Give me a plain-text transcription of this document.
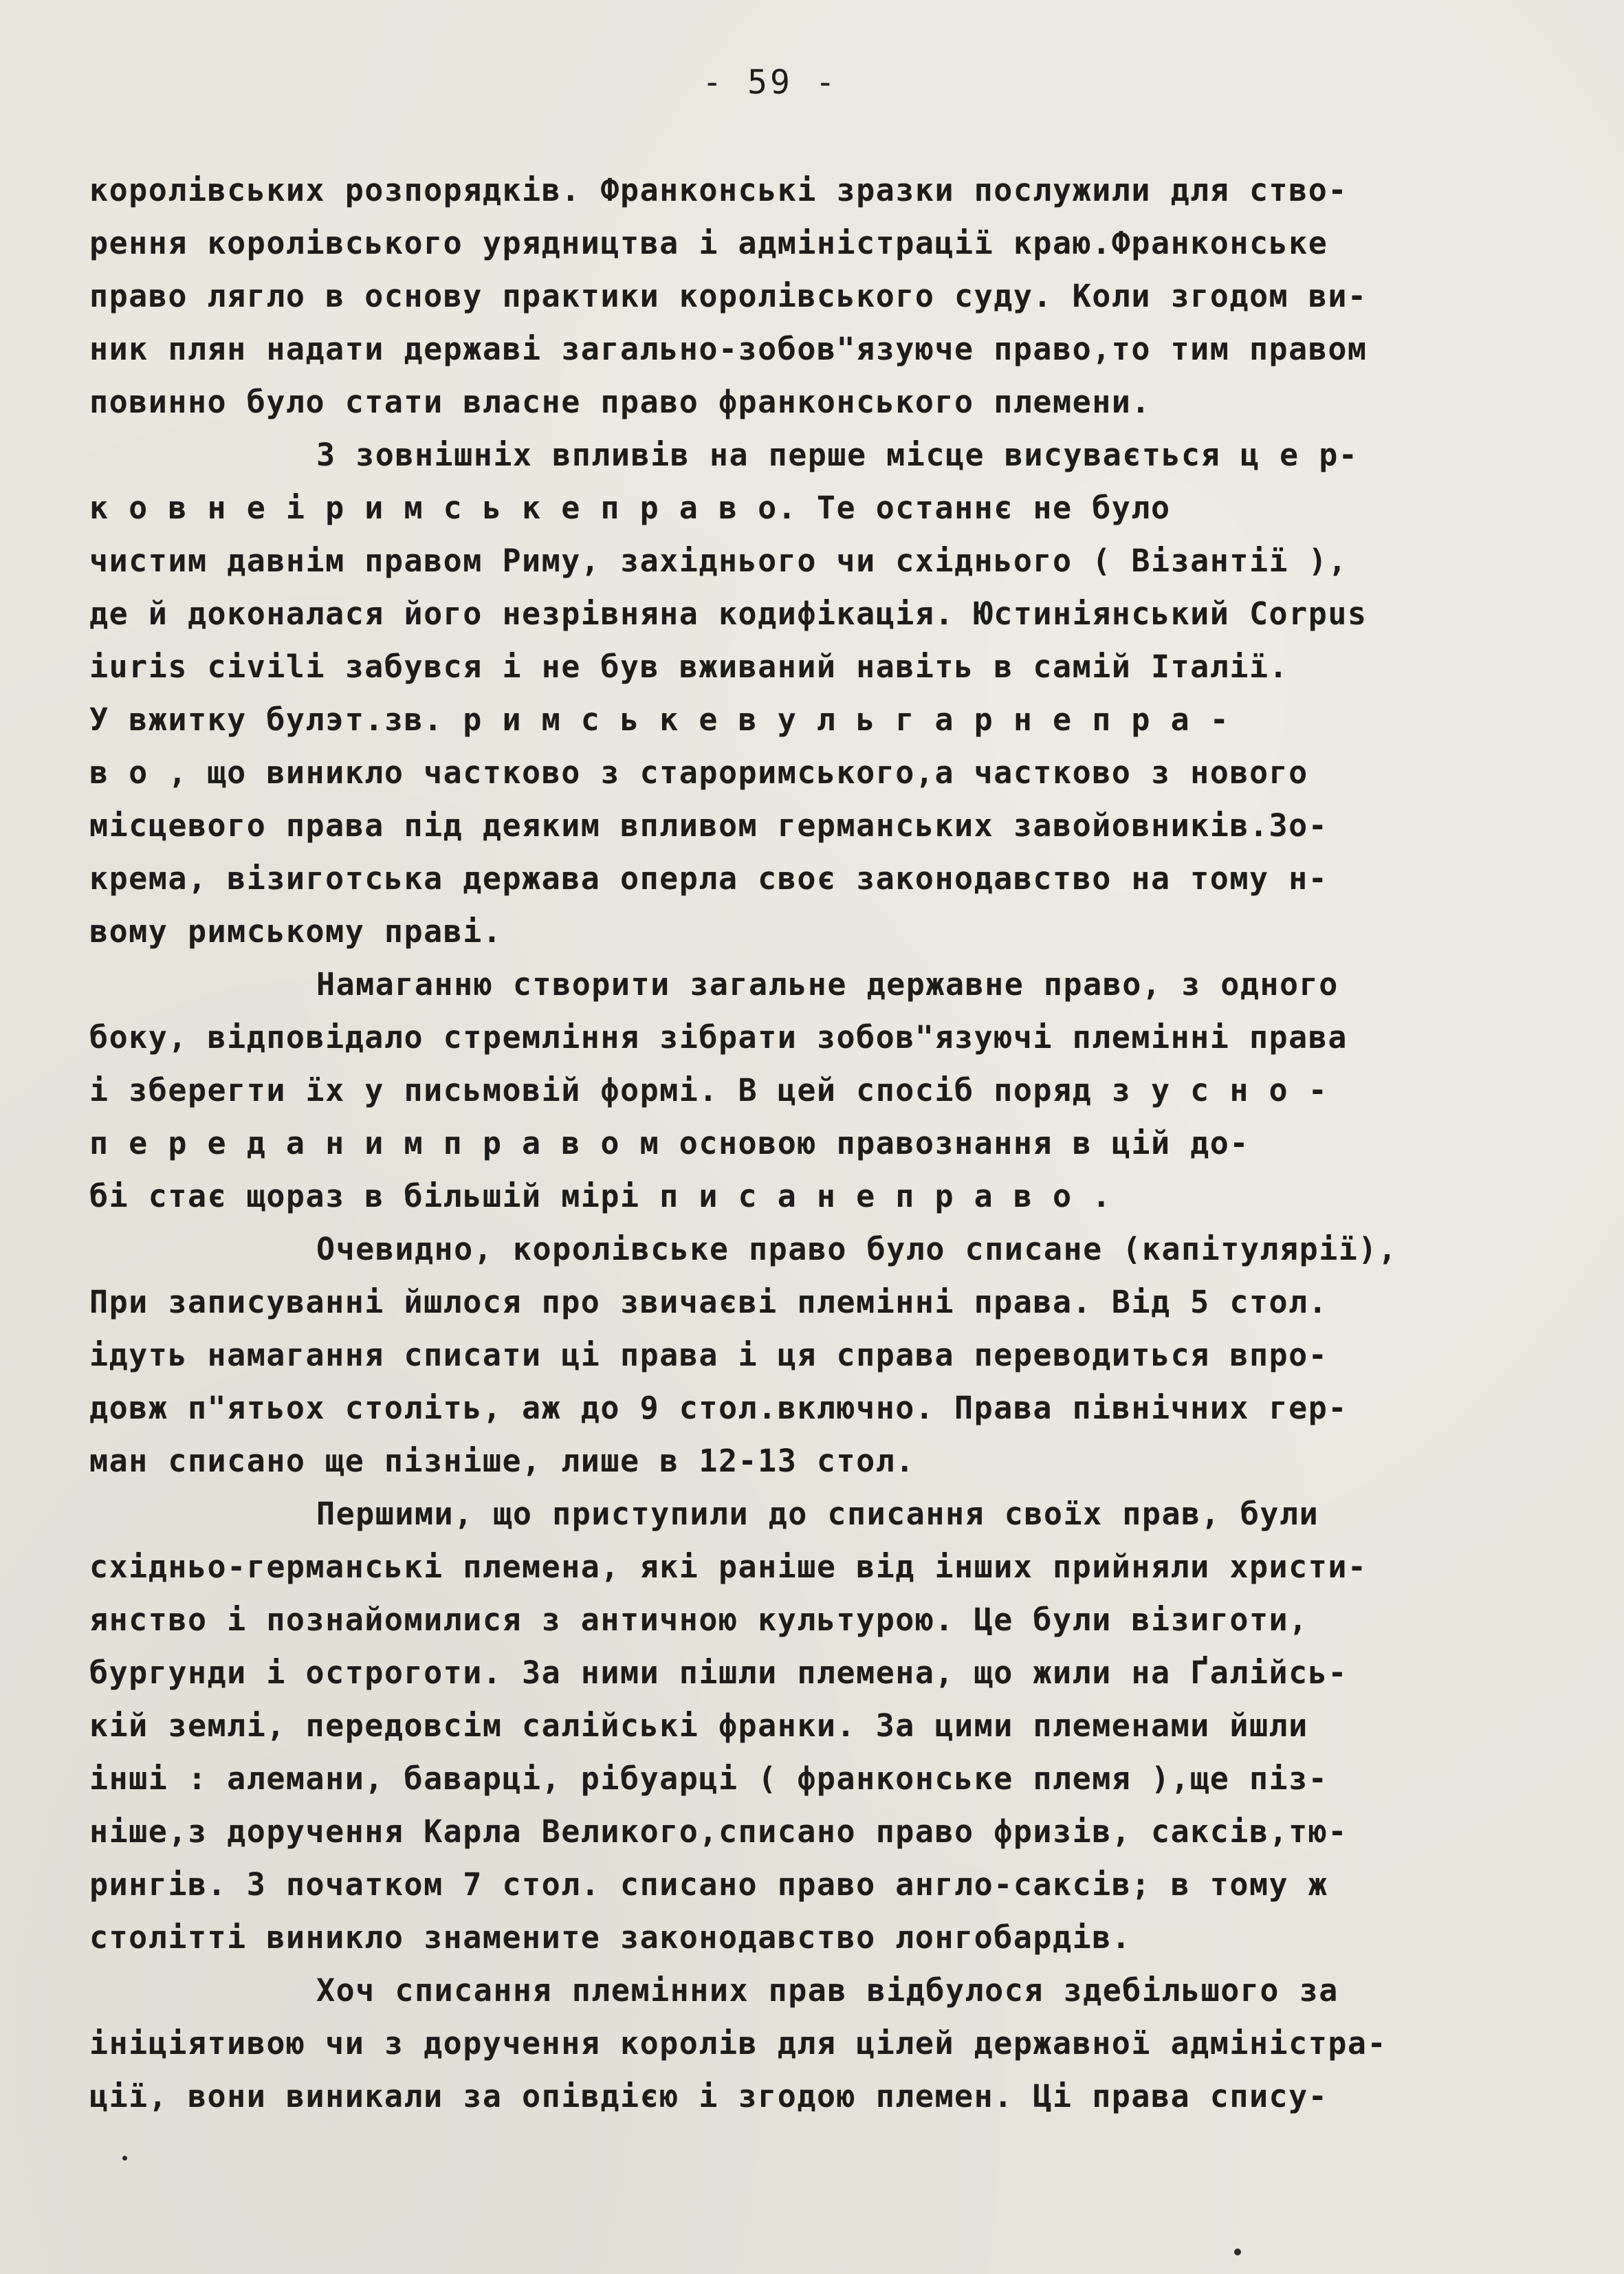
- 59 -
королівських розпорядків. Франконські зразки послужили для ство-
рення королівського урядництва і адміністрації краю.Франконське
право лягло в основу практики королівського суду. Коли згодом ви-
ник плян надати державі загально-зобов"язуюче право,то тим правом
повинно було стати власне право франконського племени.
З зовнішніх впливів на перше місце висувається ц е р-
к о в н е і р и м с ь к е п р а в о. Те останнє не було
чистим давнім правом Риму, західнього чи східнього ( Візантії ),
де й доконалася його незрівняна кодифікація. Юстиніянський Corpus
iuris civili забувся і не був вживаний навіть в самій Італії.
У вжитку булэт.зв. р и м с ь к е в у л ь г а р н е п р а -
в о , що виникло частково з староримського,а частково з нового
місцевого права під деяким впливом германських завойовників.Зо-
крема, візиготська держава оперла своє законодавство на тому н-
вому римському праві.
Намаганню створити загальне державне право, з одного
боку, відповідало стремління зібрати зобов"язуючі племінні права
і зберегти їх у письмовій формі. В цей спосіб поряд з у с н о -
п е р е д а н и м п р а в о м основою правознання в цій до-
бі стає щораз в більшій мірі п и с а н е п р а в о .
Очевидно, королівське право було списане (капітулярії),
При записуванні йшлося про звичаєві племінні права. Від 5 стол.
ідуть намагання списати ці права і ця справа переводиться впро-
довж п"ятьох століть, аж до 9 стол.включно. Права північних гер-
ман списано ще пізніше, лише в 12-13 стол.
Першими, що приступили до списання своїх прав, були
східньо-германські племена, які раніше від інших прийняли христи-
янство і познайомилися з античною культурою. Це були візиготи,
бургунди і остроготи. За ними пішли племена, що жили на Ґалійсь-
кій землі, передовсім салійські франки. За цими племенами йшли
інші : алемани, баварці, рібуарці ( франконське племя ),ще піз-
ніше,з доручення Карла Великого,списано право фризів, саксів,тю-
рингів. З початком 7 стол. списано право англо-саксів; в тому ж
столітті виникло знамените законодавство лонгобардів.
Хоч списання племінних прав відбулося здебільшого за
ініціятивою чи з доручення королів для цілей державної адміністра-
ції, вони виникали за опівдією і згодою племен. Ці права спису-
